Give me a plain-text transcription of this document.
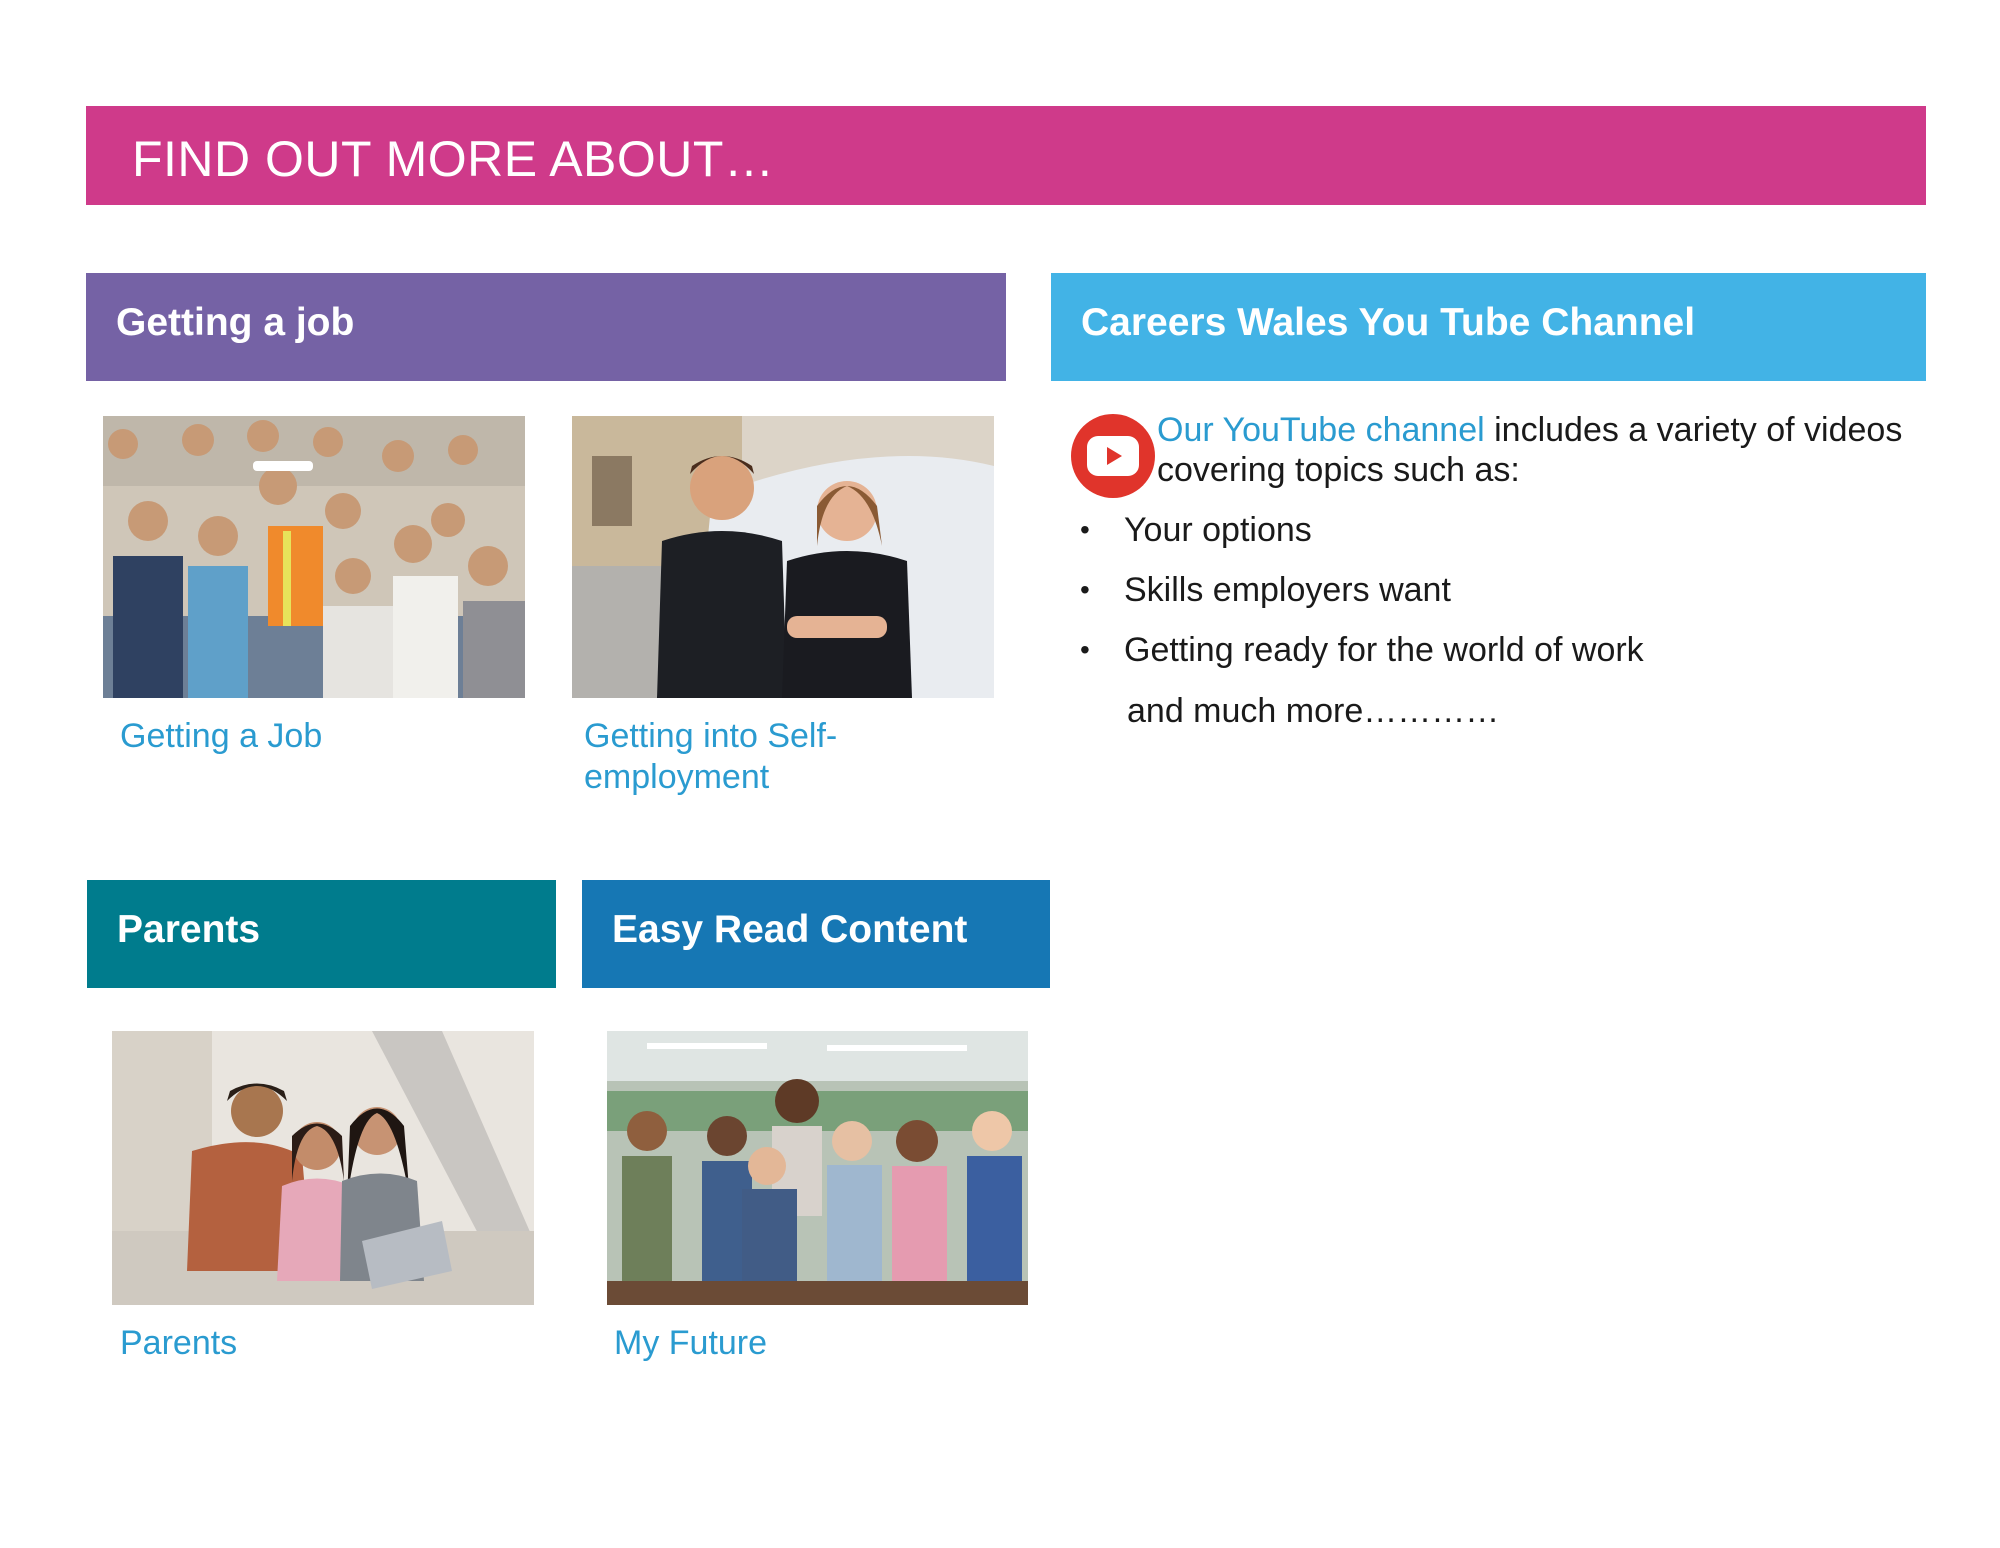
FIND OUT MORE ABOUT…
Getting a job
Getting a Job	Getting into Self-
employment
Careers Wales You Tube Channel
Our YouTube channel includes a variety of videos covering topics such as:
• Your options
• Skills employers want
• Getting ready for the world of work
and much more…………
Parents
Parents
Easy Read Content
My Future
